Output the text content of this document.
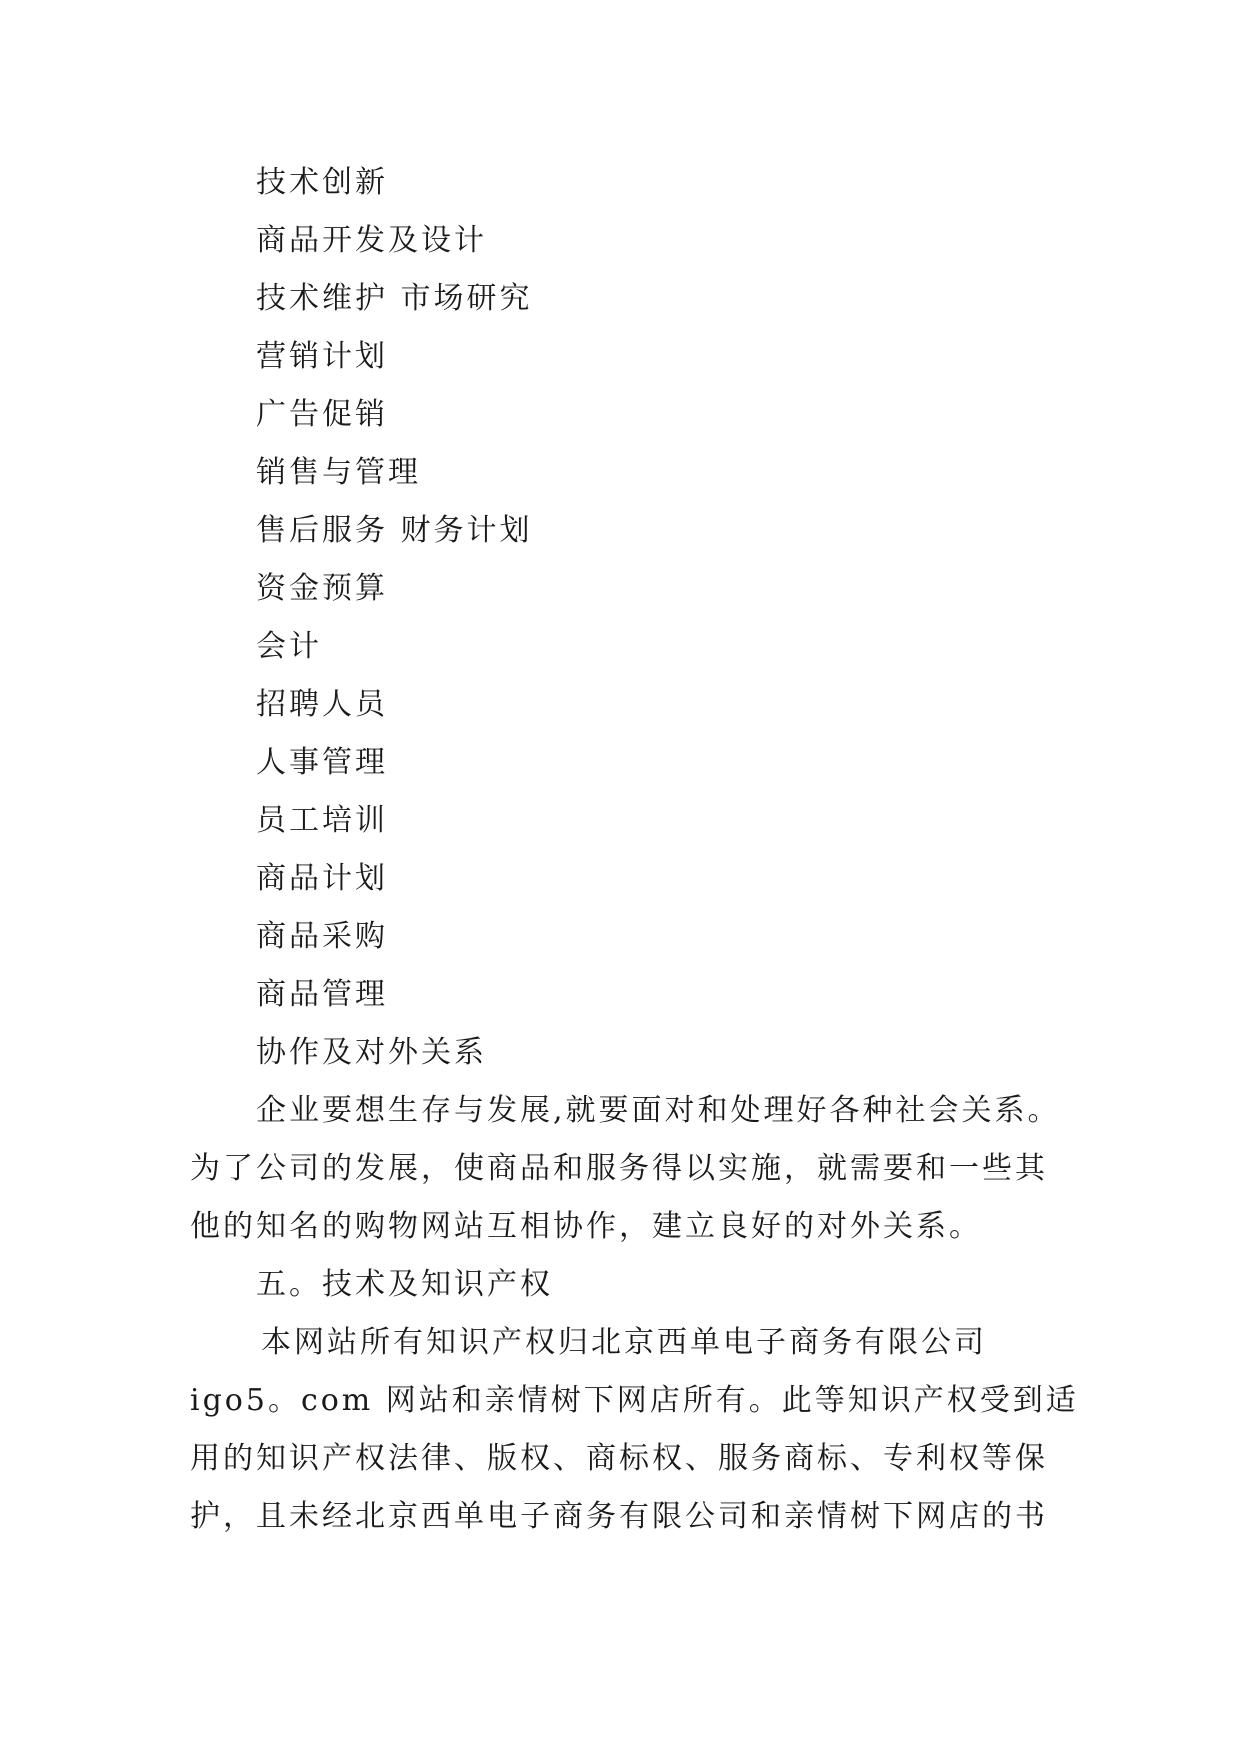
技术创新
商品开发及设计
技术维护 市场研究
营销计划
广告促销
销售与管理
售后服务 财务计划
资金预算
会计
招聘人员
人事管理
员工培训
商品计划
商品采购
商品管理
协作及对外关系
企业要想生存与发展,就要面对和处理好各种社会关系。
为了公司的发展，使商品和服务得以实施，就需要和一些其
他的知名的购物网站互相协作，建立良好的对外关系。
五。技术及知识产权
本网站所有知识产权归北京西单电子商务有限公司
igo5。com 网站和亲情树下网店所有。此等知识产权受到适
用的知识产权法律、版权、商标权、服务商标、专利权等保
护，且未经北京西单电子商务有限公司和亲情树下网店的书
